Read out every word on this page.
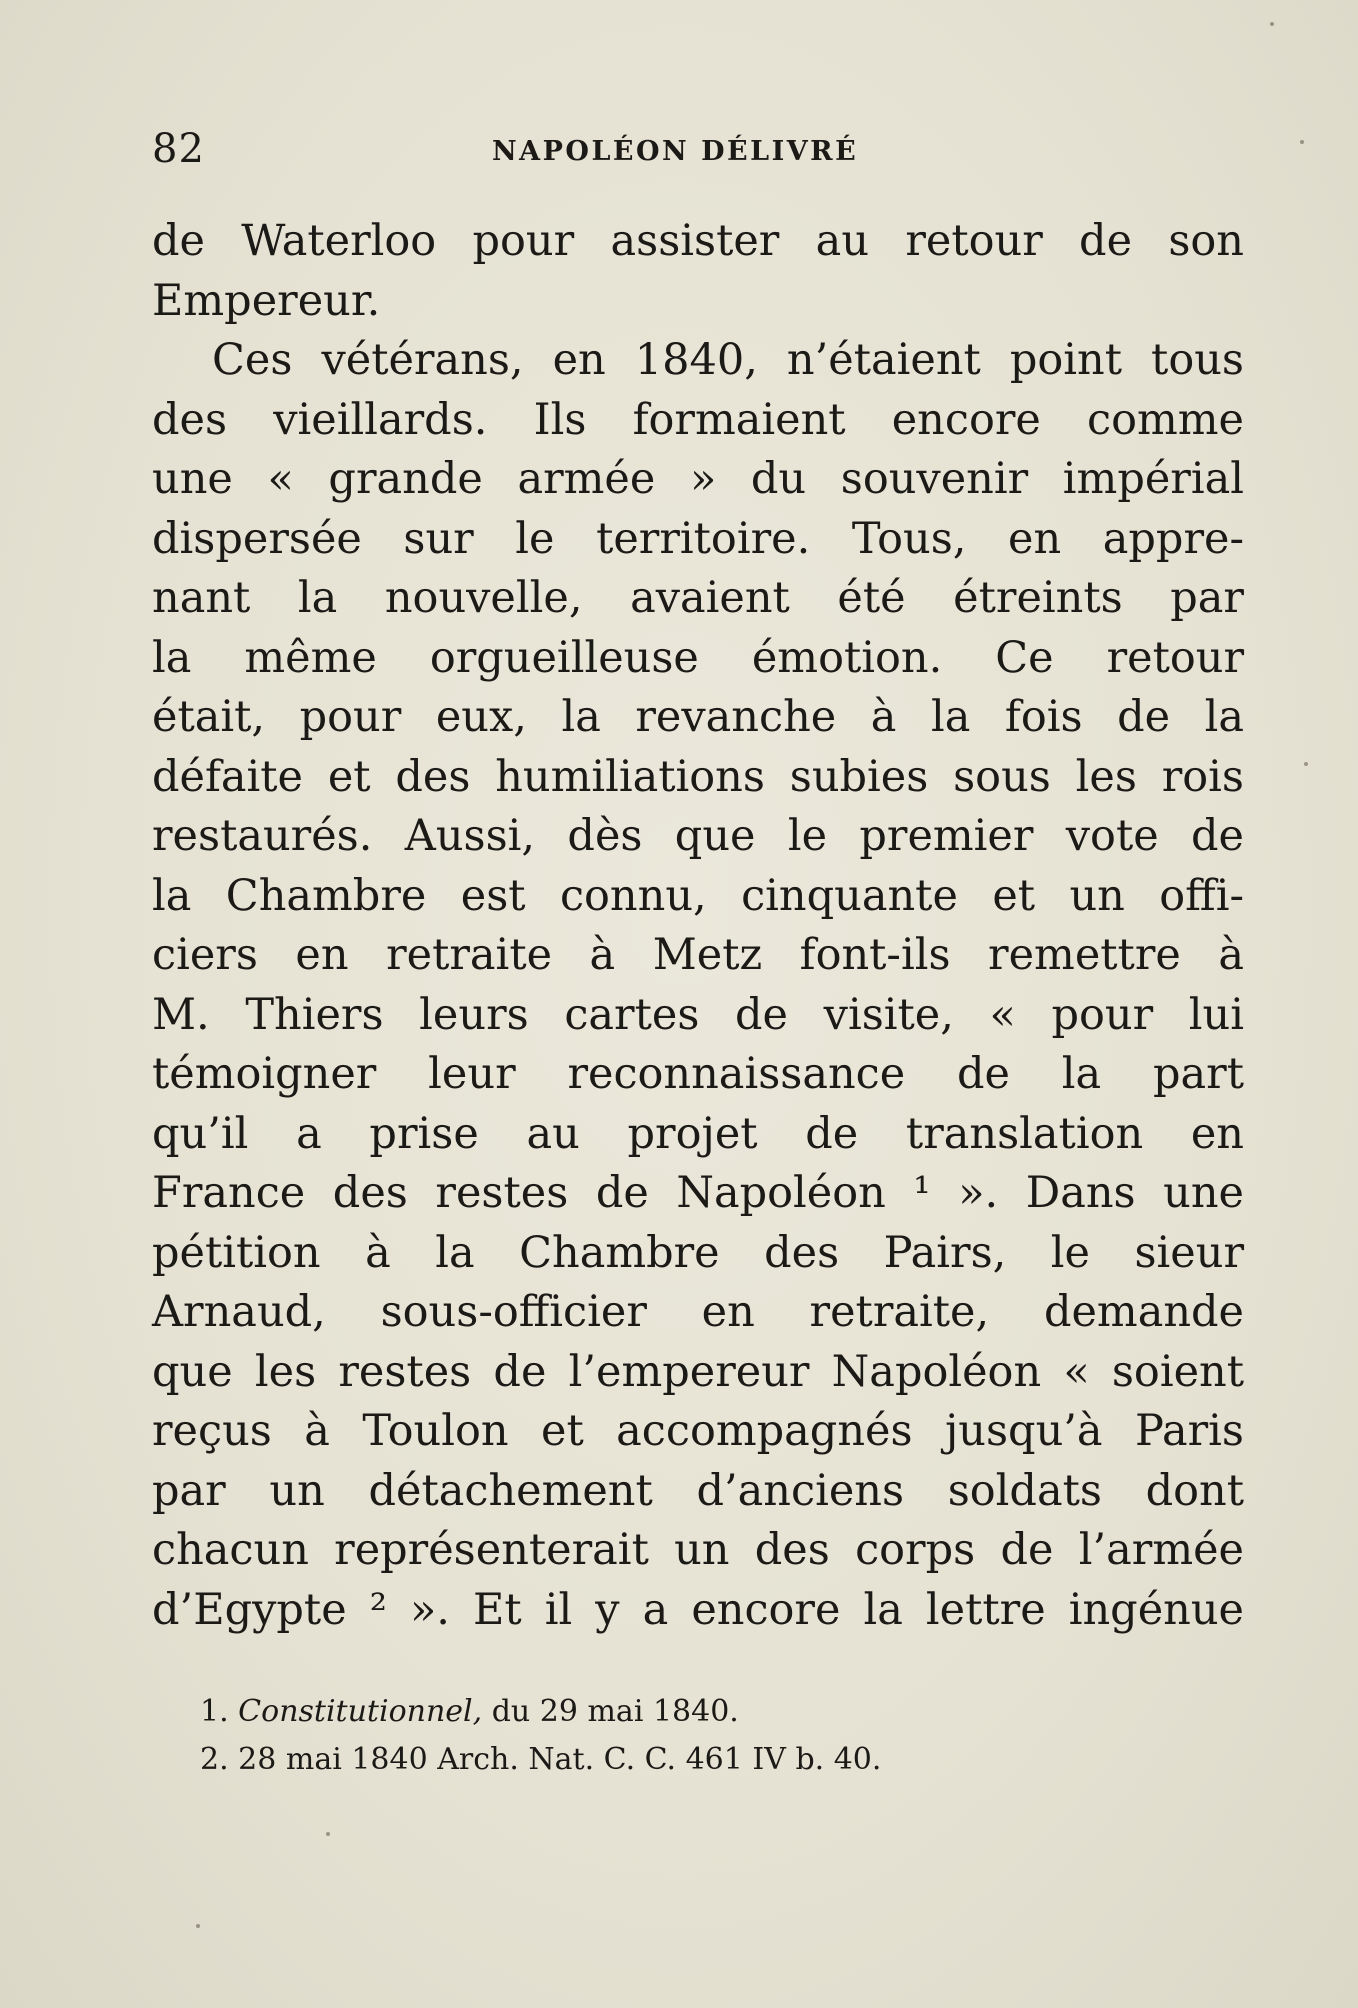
82	NAPOLÉON DÉLIVRÉ
de Waterloo pour assister au retour de son
Empereur.
Ces vétérans, en 1840, n’étaient point tous
des vieillards. Ils formaient encore comme
une « grande armée » du souvenir impérial
dispersée sur le territoire. Tous, en appre-
nant la nouvelle, avaient été étreints par
la même orgueilleuse émotion. Ce retour
était, pour eux, la revanche à la fois de la
défaite et des humiliations subies sous les rois
restaurés. Aussi, dès que le premier vote de
la Chambre est connu, cinquante et un offi-
ciers en retraite à Metz font-ils remettre à
M. Thiers leurs cartes de visite, « pour lui
témoigner leur reconnaissance de la part
qu’il a prise au projet de translation en
France des restes de Napoléon ¹ ». Dans une
pétition à la Chambre des Pairs, le sieur
Arnaud, sous-officier en retraite, demande
que les restes de l’empereur Napoléon « soient
reçus à Toulon et accompagnés jusqu’à Paris
par un détachement d’anciens soldats dont
chacun représenterait un des corps de l’armée
d’Egypte ² ». Et il y a encore la lettre ingénue
1. Constitutionnel, du 29 mai 1840.
2. 28 mai 1840 Arch. Nat. C. C. 461 IV b. 40.
